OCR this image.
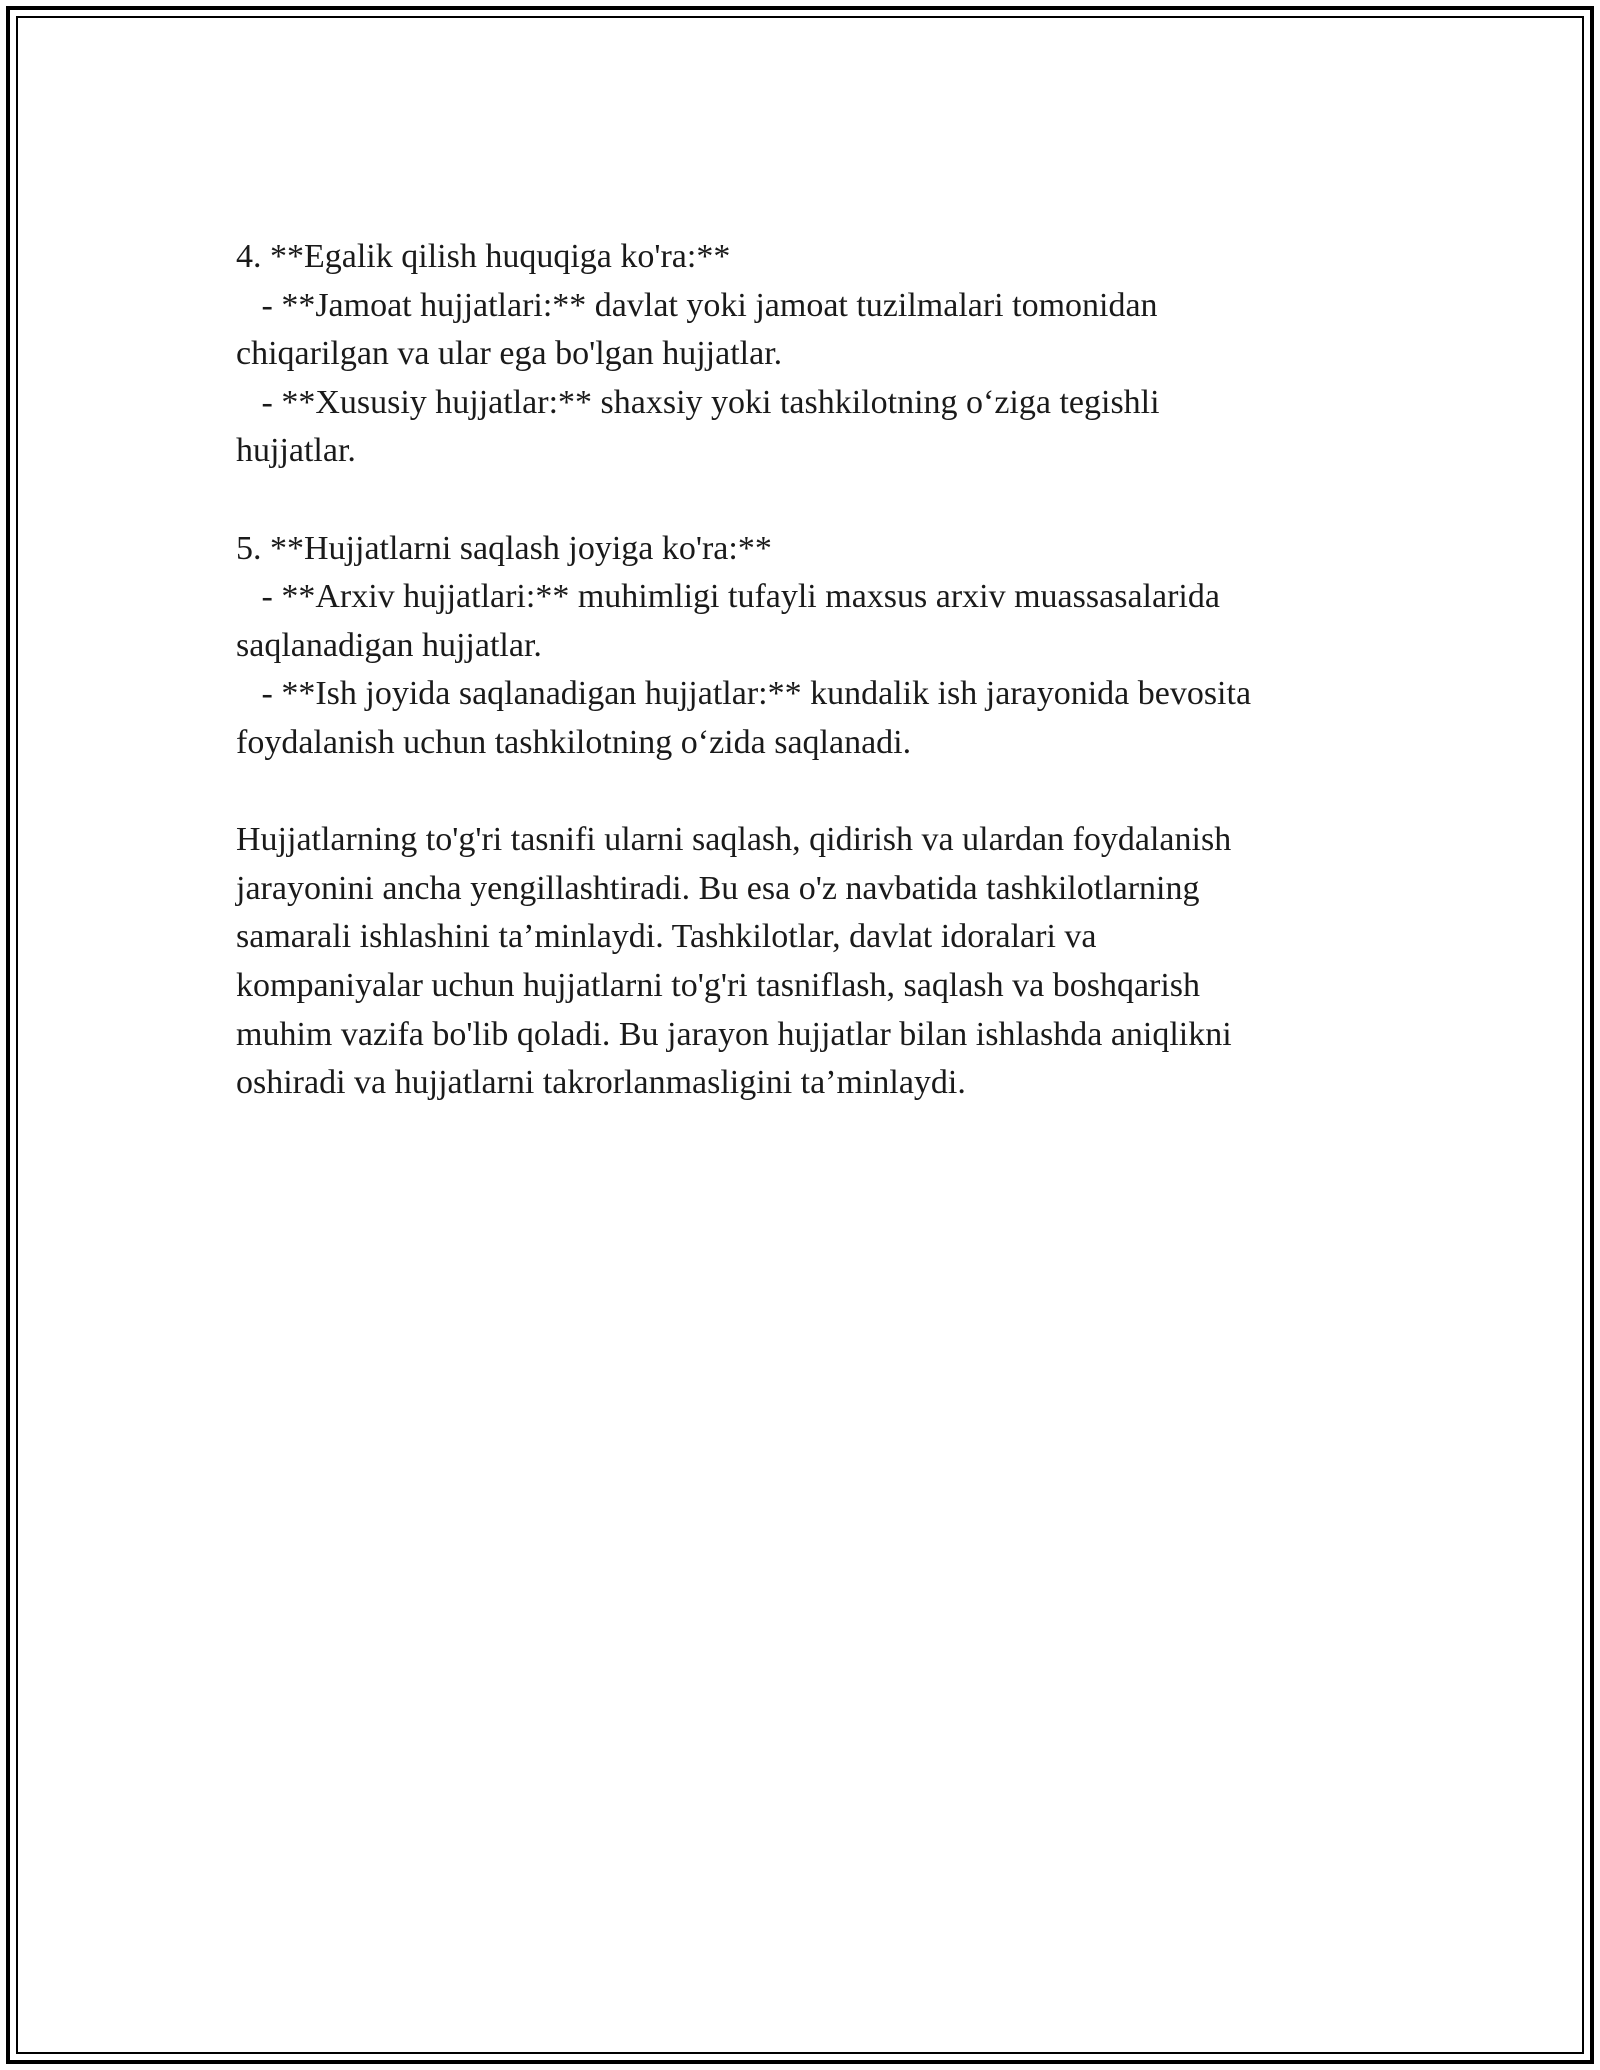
4. **Egalik qilish huquqiga ko'ra:**
- **Jamoat hujjatlari:** davlat yoki jamoat tuzilmalari tomonidan
chiqarilgan va ular ega bo'lgan hujjatlar.
- **Xususiy hujjatlar:** shaxsiy yoki tashkilotning o‘ziga tegishli
hujjatlar.
5. **Hujjatlarni saqlash joyiga ko'ra:**
- **Arxiv hujjatlari:** muhimligi tufayli maxsus arxiv muassasalarida
saqlanadigan hujjatlar.
- **Ish joyida saqlanadigan hujjatlar:** kundalik ish jarayonida bevosita
foydalanish uchun tashkilotning o‘zida saqlanadi.
Hujjatlarning to'g'ri tasnifi ularni saqlash, qidirish va ulardan foydalanish
jarayonini ancha yengillashtiradi. Bu esa o'z navbatida tashkilotlarning
samarali ishlashini ta’minlaydi. Tashkilotlar, davlat idoralari va
kompaniyalar uchun hujjatlarni to'g'ri tasniflash, saqlash va boshqarish
muhim vazifa bo'lib qoladi. Bu jarayon hujjatlar bilan ishlashda aniqlikni
oshiradi va hujjatlarni takrorlanmasligini ta’minlaydi.
